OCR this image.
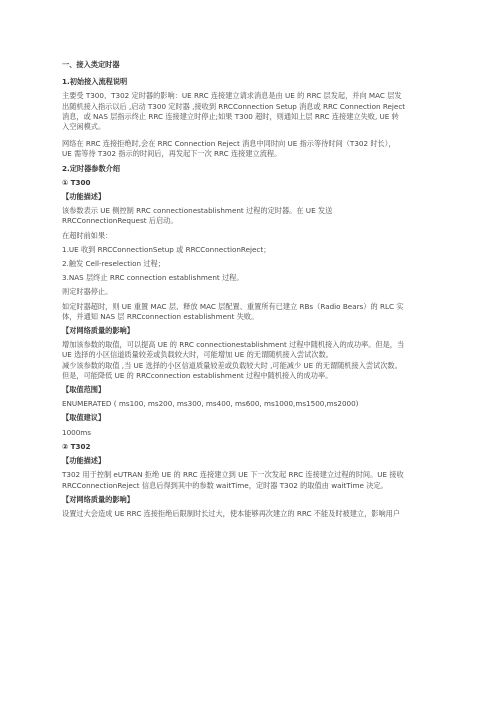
一、接入类定时器
1.初始接入流程说明
主要受 T300、T302 定时器的影响：UE RRC 连接建立请求消息是由 UE 的 RRC 层发起，并向 MAC 层发
出随机接入指示以后 ,启动 T300 定时器 ,接收到 RRCConnection Setup 消息或 RRC Connection Reject
消息，或 NAS 层指示终止 RRC 连接建立时停止;如果 T300 超时，则通知上层 RRC 连接建立失败, UE 转
入空闲模式。
网络在 RRC 连接拒绝时,会在 RRC Connection Reject 消息中同时向 UE 指示等待时间（T302 时长），
UE 需等待 T302 指示的时间后，再发起下一次 RRC 连接建立流程。
2.定时器参数介绍
① T300
【功能描述】
该参数表示 UE 侧控制 RRC connectionestablishment 过程的定时器。在 UE 发送
RRCConnectionRequest 后启动。
在超时前如果：
1.UE 收到 RRCConnectionSetup 或 RRCConnectionReject；
2.触发 Cell-reselection 过程；
3.NAS 层终止 RRC connection establishment 过程。
则定时器停止。
如定时器超时，则 UE 重置 MAC 层、释放 MAC 层配置、重置所有已建立 RBs（Radio Bears）的 RLC 实
体，并通知 NAS 层 RRCconnection establishment 失败。
【对网络质量的影响】
增加该参数的取值，可以提高 UE 的 RRC connectionestablishment 过程中随机接入的成功率。但是，当
UE 选择的小区信道质量较差或负载较大时，可能增加 UE 的无谓随机接入尝试次数。
减少该参数的取值 ,当 UE 选择的小区信道质量较差或负载较大时 ,可能减少 UE 的无谓随机接入尝试次数。
但是，可能降低 UE 的 RRCconnection establishment 过程中随机接入的成功率。
【取值范围】
ENUMERATED ( ms100, ms200, ms300, ms400, ms600, ms1000,ms1500,ms2000)
【取值建议】
1000ms
② T302
【功能描述】
T302 用于控制 eUTRAN 拒绝 UE 的 RRC 连接建立到 UE 下一次发起 RRC 连接建立过程的时间。UE 接收
RRCConnectionReject 信息后得到其中的参数 waitTime，定时器 T302 的取值由 waitTime 决定。
【对网络质量的影响】
设置过大会造成 UE RRC 连接拒绝后限制时长过大，使本能够再次建立的 RRC 不能及时被建立，影响用户
